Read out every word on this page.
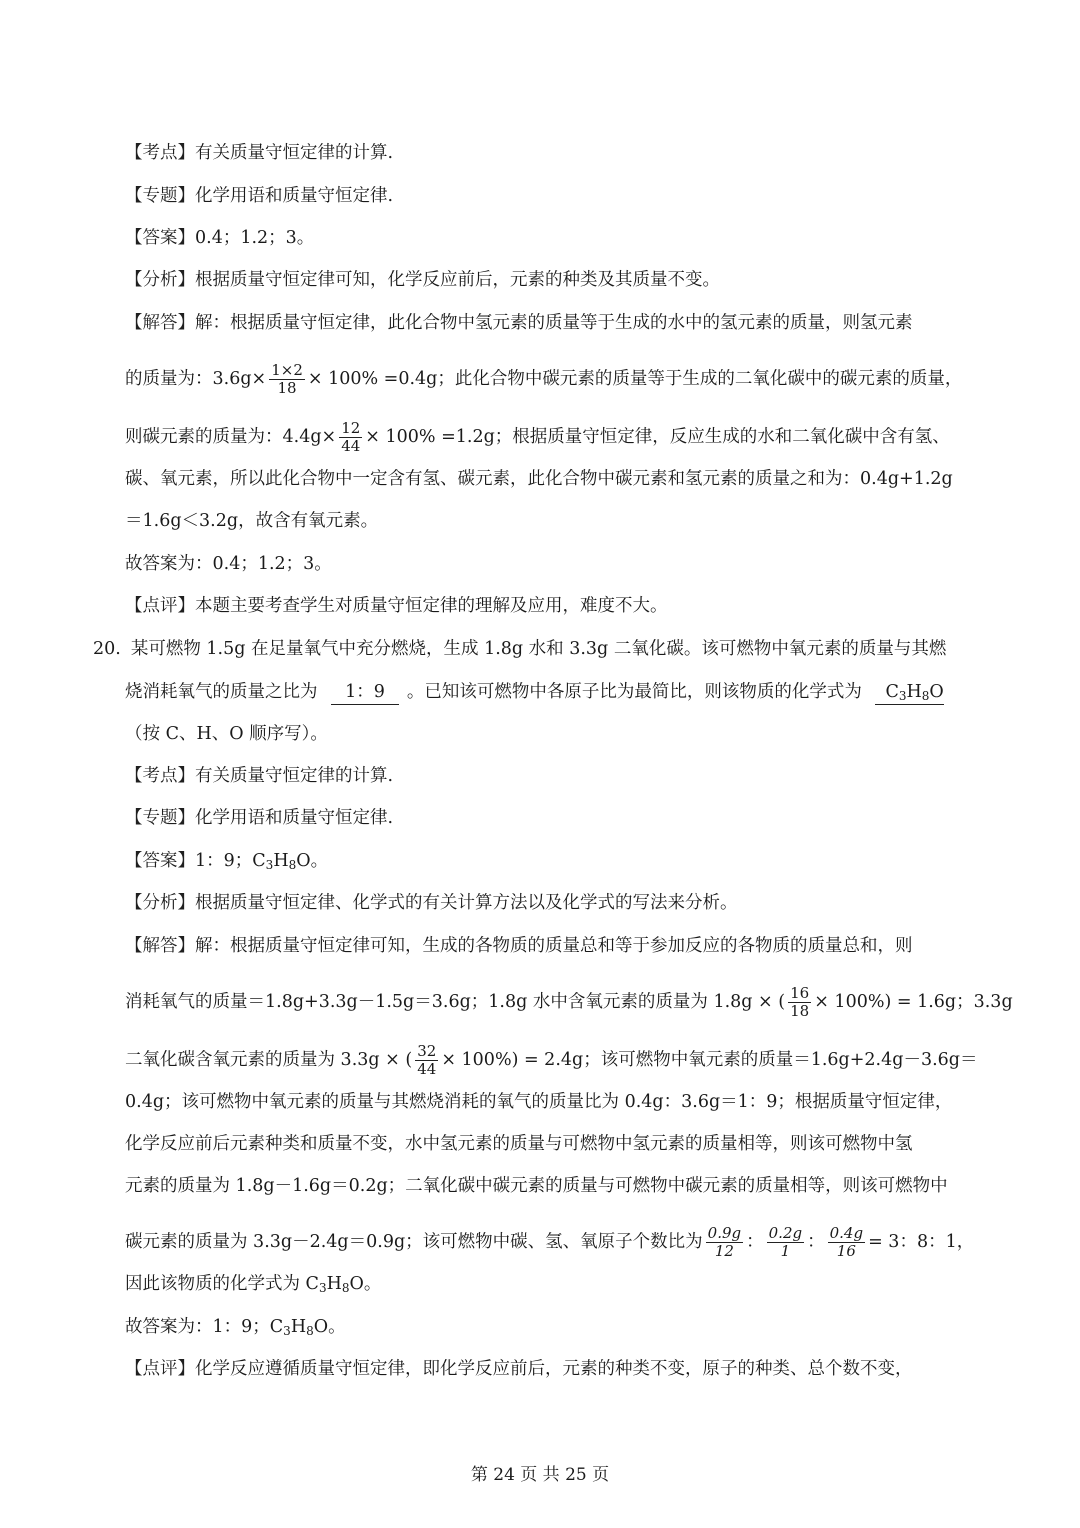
【考点】有关质量守恒定律的计算.
【专题】化学用语和质量守恒定律.
【答案】0.4；1.2；3。
【分析】根据质量守恒定律可知，化学反应前后，元素的种类及其质量不变。
【解答】解：根据质量守恒定律，此化合物中氢元素的质量等于生成的水中的氢元素的质量，则氢元素
的质量为：$3.6g\times \frac{1\times 2}{18} \times 100\% =0.4g$；此化合物中碳元素的质量等于生成的二氧化碳中的碳元素的质量，
则碳元素的质量为：$4.4g\times \frac{12}{44} \times 100\% =1.2g$；根据质量守恒定律，反应生成的水和二氧化碳中含有氢、
碳、氧元素，所以此化合物中一定含有氢、碳元素，此化合物中碳元素和氢元素的质量之和为：0.4g+1.2g
＝1.6g＜3.2g，故含有氧元素。
故答案为：0.4；1.2；3。
【点评】本题主要考查学生对质量守恒定律的理解及应用，难度不大。
20. 某可燃物 1.5g 在足量氧气中充分燃烧，生成 1.8g 水和 3.3g 二氧化碳。该可燃物中氧元素的质量与其燃
烧消耗氧气的质量之比为 1：9 。已知该可燃物中各原子比为最简比，则该物质的化学式为 $C_3H_8O$
（按 C、H、O 顺序写）。
【考点】有关质量守恒定律的计算.
【专题】化学用语和质量守恒定律.
【答案】1：9；$C_3H_8O$。
【分析】根据质量守恒定律、化学式的有关计算方法以及化学式的写法来分析。
【解答】解：根据质量守恒定律可知，生成的各物质的质量总和等于参加反应的各物质的质量总和，则
消耗氧气的质量＝1.8g+3.3g－1.5g＝3.6g；1.8g 水中含氧元素的质量为 1.8g × ( $\frac{16}{18} \times 100\%) = 1.6g$；3.3g
二氧化碳含氧元素的质量为 3.3g × ( $\frac{32}{44} \times 100\%) = 2.4g$；该可燃物中氧元素的质量＝1.6g+2.4g－3.6g＝
0.4g；该可燃物中氧元素的质量与其燃烧消耗的氧气的质量比为 0.4g：3.6g＝1：9；根据质量守恒定律，
化学反应前后元素种类和质量不变，水中氢元素的质量与可燃物中氢元素的质量相等，则该可燃物中氢
元素的质量为 1.8g－1.6g＝0.2g；二氧化碳中碳元素的质量与可燃物中碳元素的质量相等，则该可燃物中
碳元素的质量为 3.3g－2.4g＝0.9g；该可燃物中碳、氢、氧原子个数比为 $\frac{0.9g}{12}$ ： $\frac{0.2g}{1}$ ： $\frac{0.4g}{16} = 3$：8：1，
因此该物质的化学式为 $C_3H_8O$。
故答案为：1：9；$C_3H_8O$。
【点评】化学反应遵循质量守恒定律，即化学反应前后，元素的种类不变，原子的种类、总个数不变，
第 24 页 共 25 页
